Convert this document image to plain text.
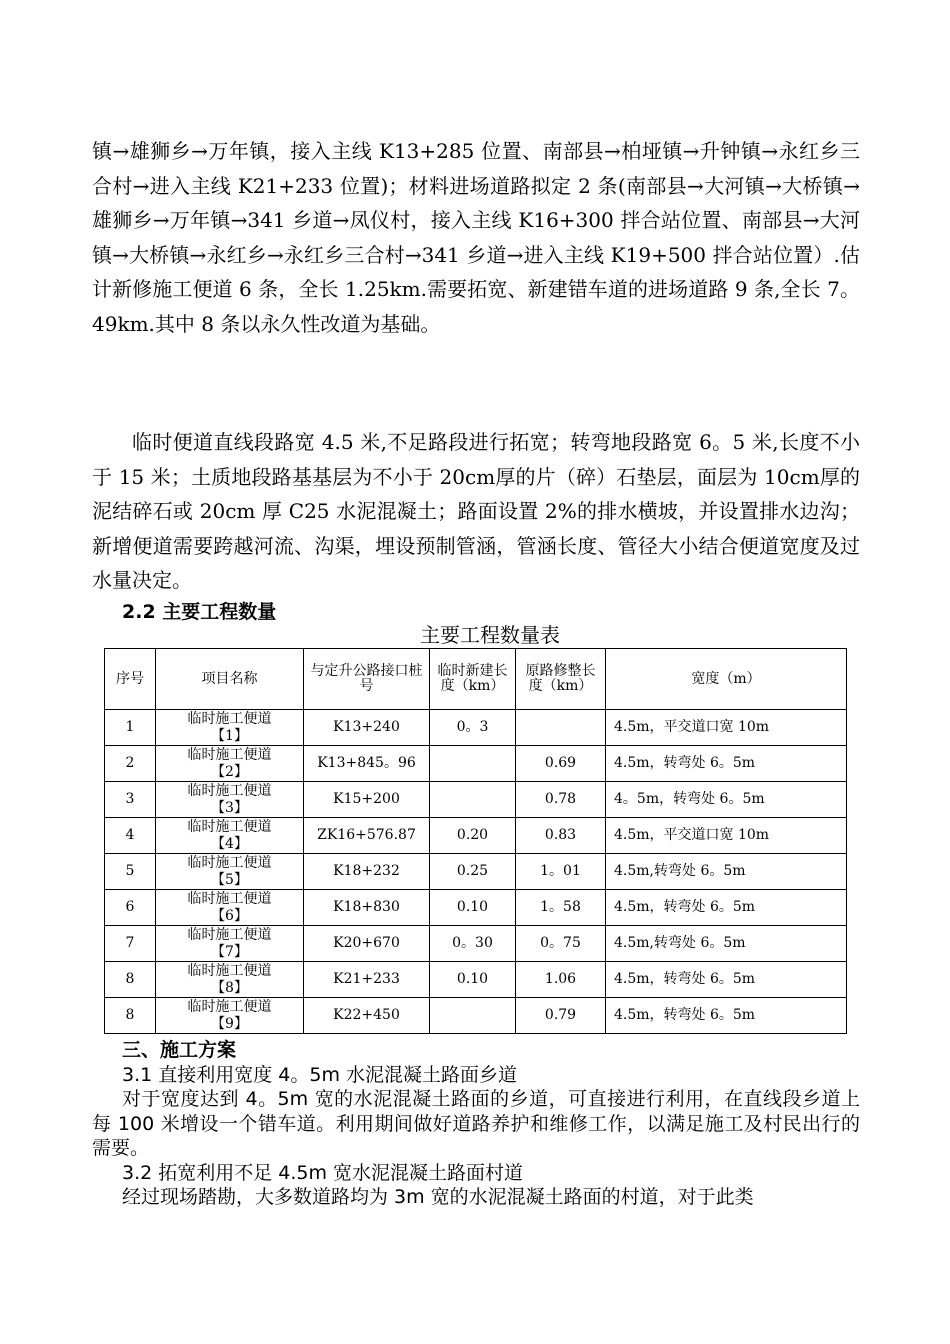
镇→雄狮乡→万年镇，接入主线 K13+285 位置、南部县→柏垭镇→升钟镇→永红乡三合村→进入主线 K21+233 位置)；材料进场道路拟定 2 条(南部县→大河镇→大桥镇→雄狮乡→万年镇→341 乡道→凤仪村，接入主线 K16+300 拌合站位置、南部县→大河镇→大桥镇→永红乡→永红乡三合村→341 乡道→进入主线 K19+500 拌合站位置）.估计新修施工便道 6 条，全长 1.25km.需要拓宽、新建错车道的进场道路 9 条,全长 7。49km.其中 8 条以永久性改道为基础。

临时便道直线段路宽 4.5 米,不足路段进行拓宽；转弯地段路宽 6。5 米,长度不小于 15 米；土质地段路基基层为不小于 20cm厚的片（碎）石垫层，面层为 10cm厚的泥结碎石或 20cm 厚 C25 水泥混凝土；路面设置 2%的排水横坡，并设置排水边沟；新增便道需要跨越河流、沟渠，埋设预制管涵，管涵长度、管径大小结合便道宽度及过水量决定。

2.2 主要工程数量

主要工程数量表

序号	项目名称	与定升公路接口桩号	临时新建长度（km）	原路修整长度（km）	宽度（m）
1	临时施工便道
【1】	K13+240	0。3		4.5m，平交道口宽 10m
2	临时施工便道
【2】	K13+845。96		0.69	4.5m，转弯处 6。5m
3	临时施工便道
【3】	K15+200		0.78	4。5m，转弯处 6。5m
4	临时施工便道
【4】	ZK16+576.87	0.20	0.83	4.5m，平交道口宽 10m
5	临时施工便道
【5】	K18+232	0.25	1。01	4.5m,转弯处 6。5m
6	临时施工便道
【6】	K18+830	0.10	1。58	4.5m，转弯处 6。5m
7	临时施工便道
【7】	K20+670	0。30	0。75	4.5m,转弯处 6。5m
8	临时施工便道
【8】	K21+233	0.10	1.06	4.5m，转弯处 6。5m
8	临时施工便道
【9】	K22+450		0.79	4.5m，转弯处 6。5m

三、施工方案

3.1 直接利用宽度 4。5m 水泥混凝土路面乡道

对于宽度达到 4。5m 宽的水泥混凝土路面的乡道，可直接进行利用，在直线段乡道上每 100 米增设一个错车道。利用期间做好道路养护和维修工作，以满足施工及村民出行的需要。

3.2 拓宽利用不足 4.5m 宽水泥混凝土路面村道

经过现场踏勘，大多数道路均为 3m 宽的水泥混凝土路面的村道，对于此类
